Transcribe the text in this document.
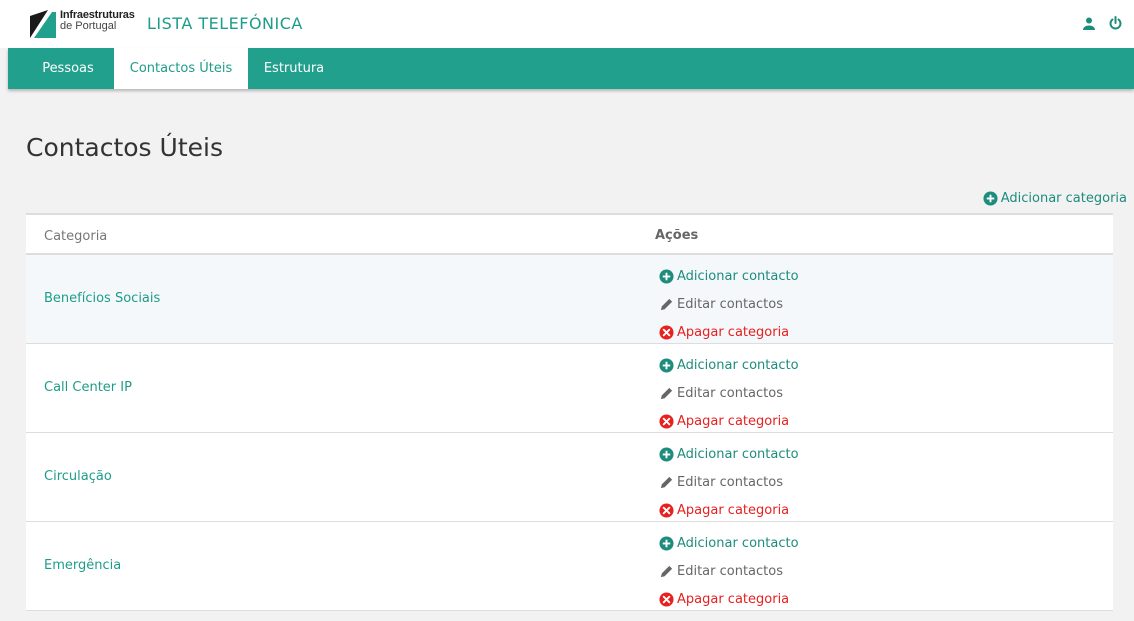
Infraestruturas
de Portugal	LISTA TELEFÓNICA
Pessoas	Contactos Úteis	Estrutura
Contactos Úteis
Adicionar categoria
Categoria	Ações
Benefícios Sociais
Adicionar contacto
Editar contactos
Apagar categoria
Call Center IP
Adicionar contacto
Editar contactos
Apagar categoria
Circulação
Adicionar contacto
Editar contactos
Apagar categoria
Emergência
Adicionar contacto
Editar contactos
Apagar categoria
